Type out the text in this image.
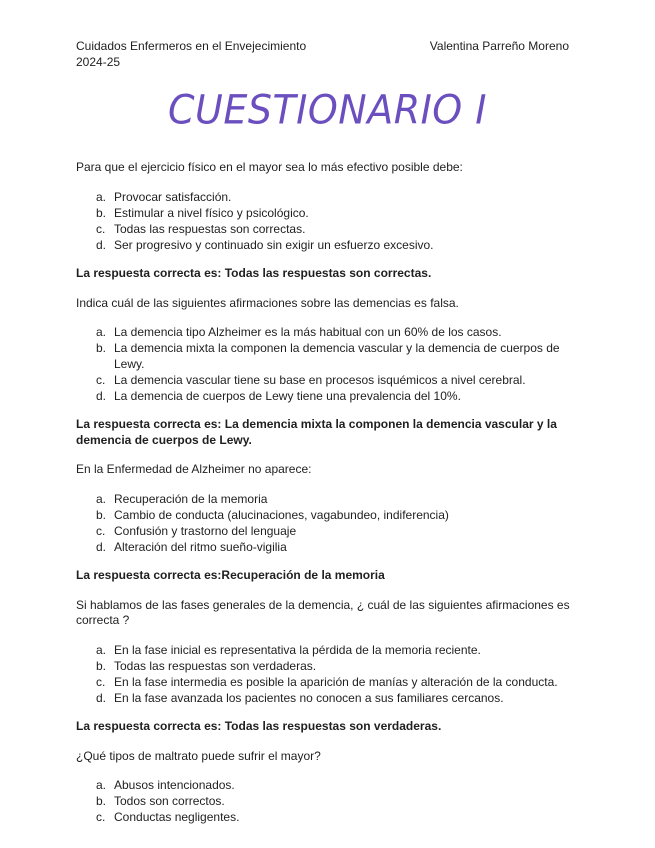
Cuidados Enfermeros en el Envejecimiento
2024-25
Valentina Parreño Moreno
CUESTIONARIO I

Para que el ejercicio físico en el mayor sea lo más efectivo posible debe:

a. Provocar satisfacción.
b. Estimular a nivel físico y psicológico.
c. Todas las respuestas son correctas.
d. Ser progresivo y continuado sin exigir un esfuerzo excesivo.

La respuesta correcta es: Todas las respuestas son correctas.

Indica cuál de las siguientes afirmaciones sobre las demencias es falsa.

a. La demencia tipo Alzheimer es la más habitual con un 60% de los casos.
b. La demencia mixta la componen la demencia vascular y la demencia de cuerpos de Lewy.
c. La demencia vascular tiene su base en procesos isquémicos a nivel cerebral.
d. La demencia de cuerpos de Lewy tiene una prevalencia del 10%.

La respuesta correcta es: La demencia mixta la componen la demencia vascular y la demencia de cuerpos de Lewy.

En la Enfermedad de Alzheimer no aparece:

a. Recuperación de la memoria
b. Cambio de conducta (alucinaciones, vagabundeo, indiferencia)
c. Confusión y trastorno del lenguaje
d. Alteración del ritmo sueño-vigilia

La respuesta correcta es:Recuperación de la memoria

Si hablamos de las fases generales de la demencia, ¿ cuál de las siguientes afirmaciones es correcta ?

a. En la fase inicial es representativa la pérdida de la memoria reciente.
b. Todas las respuestas son verdaderas.
c. En la fase intermedia es posible la aparición de manías y alteración de la conducta.
d. En la fase avanzada los pacientes no conocen a sus familiares cercanos.

La respuesta correcta es: Todas las respuestas son verdaderas.

¿Qué tipos de maltrato puede sufrir el mayor?

a. Abusos intencionados.
b. Todos son correctos.
c. Conductas negligentes.
